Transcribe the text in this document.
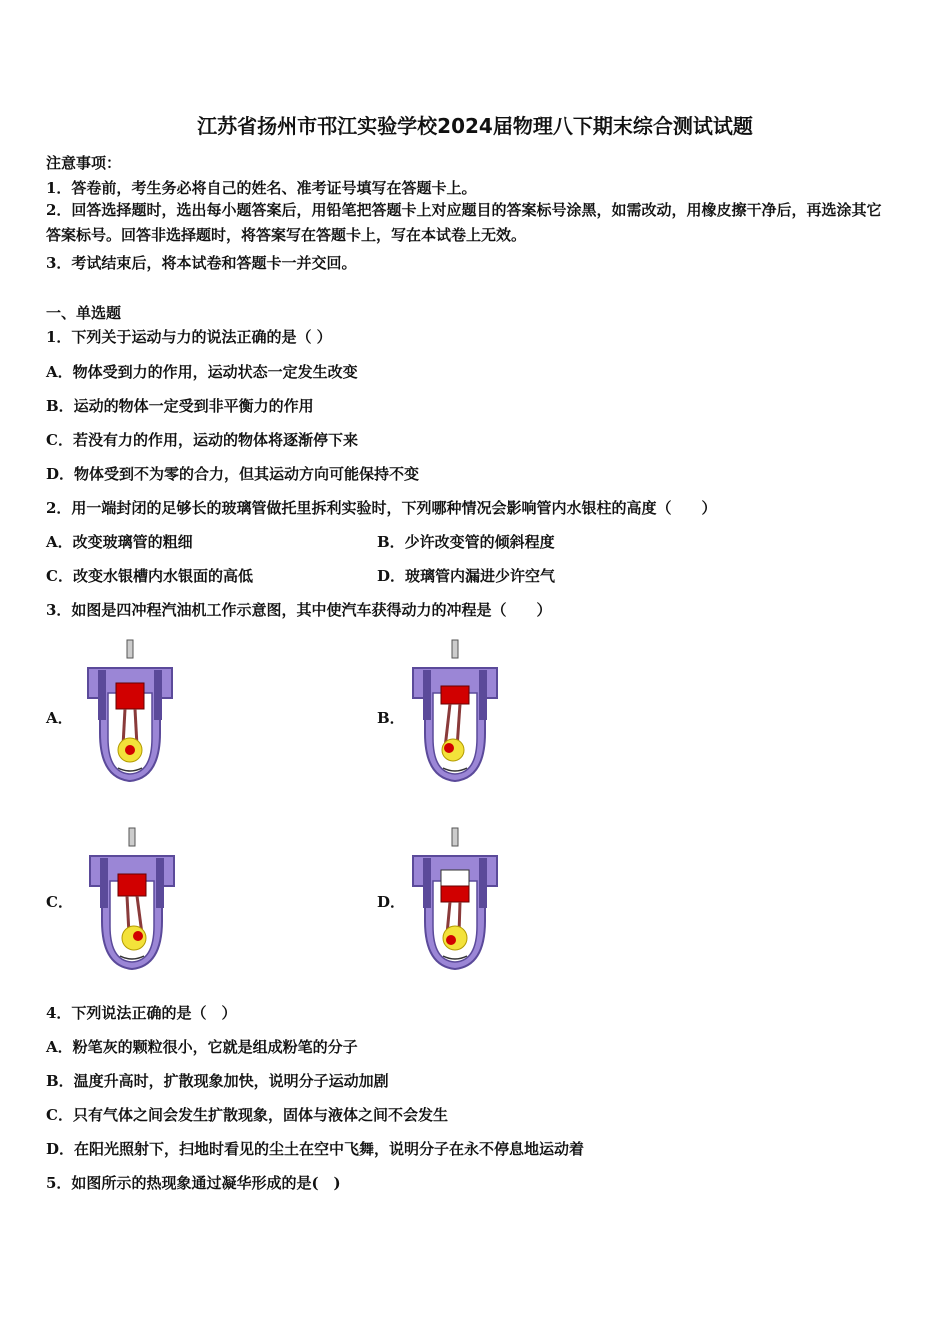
江苏省扬州市邗江实验学校2024届物理八下期末综合测试试题
注意事项：
1．答卷前，考生务必将自己的姓名、准考证号填写在答题卡上。
2．回答选择题时，选出每小题答案后，用铅笔把答题卡上对应题目的答案标号涂黑，如需改动，用橡皮擦干净后，再选涂其它答案标号。回答非选择题时，将答案写在答题卡上，写在本试卷上无效。
3．考试结束后，将本试卷和答题卡一并交回。
一、单选题
1．下列关于运动与力的说法正确的是（ ）
A．物体受到力的作用，运动状态一定发生改变
B．运动的物体一定受到非平衡力的作用
C．若没有力的作用，运动的物体将逐渐停下来
D．物体受到不为零的合力，但其运动方向可能保持不变
2．用一端封闭的足够长的玻璃管做托里拆利实验时，下列哪种情况会影响管内水银柱的高度（　　）
A．改变玻璃管的粗细	B．少许改变管的倾斜程度
C．改变水银槽内水银面的高低	D．玻璃管内漏进少许空气
3．如图是四冲程汽油机工作示意图，其中使汽车获得动力的冲程是（　　）
A．	B．
C．	D．
4．下列说法正确的是（　）
A．粉笔灰的颗粒很小，它就是组成粉笔的分子
B．温度升高时，扩散现象加快，说明分子运动加剧
C．只有气体之间会发生扩散现象，固体与液体之间不会发生
D．在阳光照射下，扫地时看见的尘土在空中飞舞，说明分子在永不停息地运动着
5．如图所示的热现象通过凝华形成的是(　)
